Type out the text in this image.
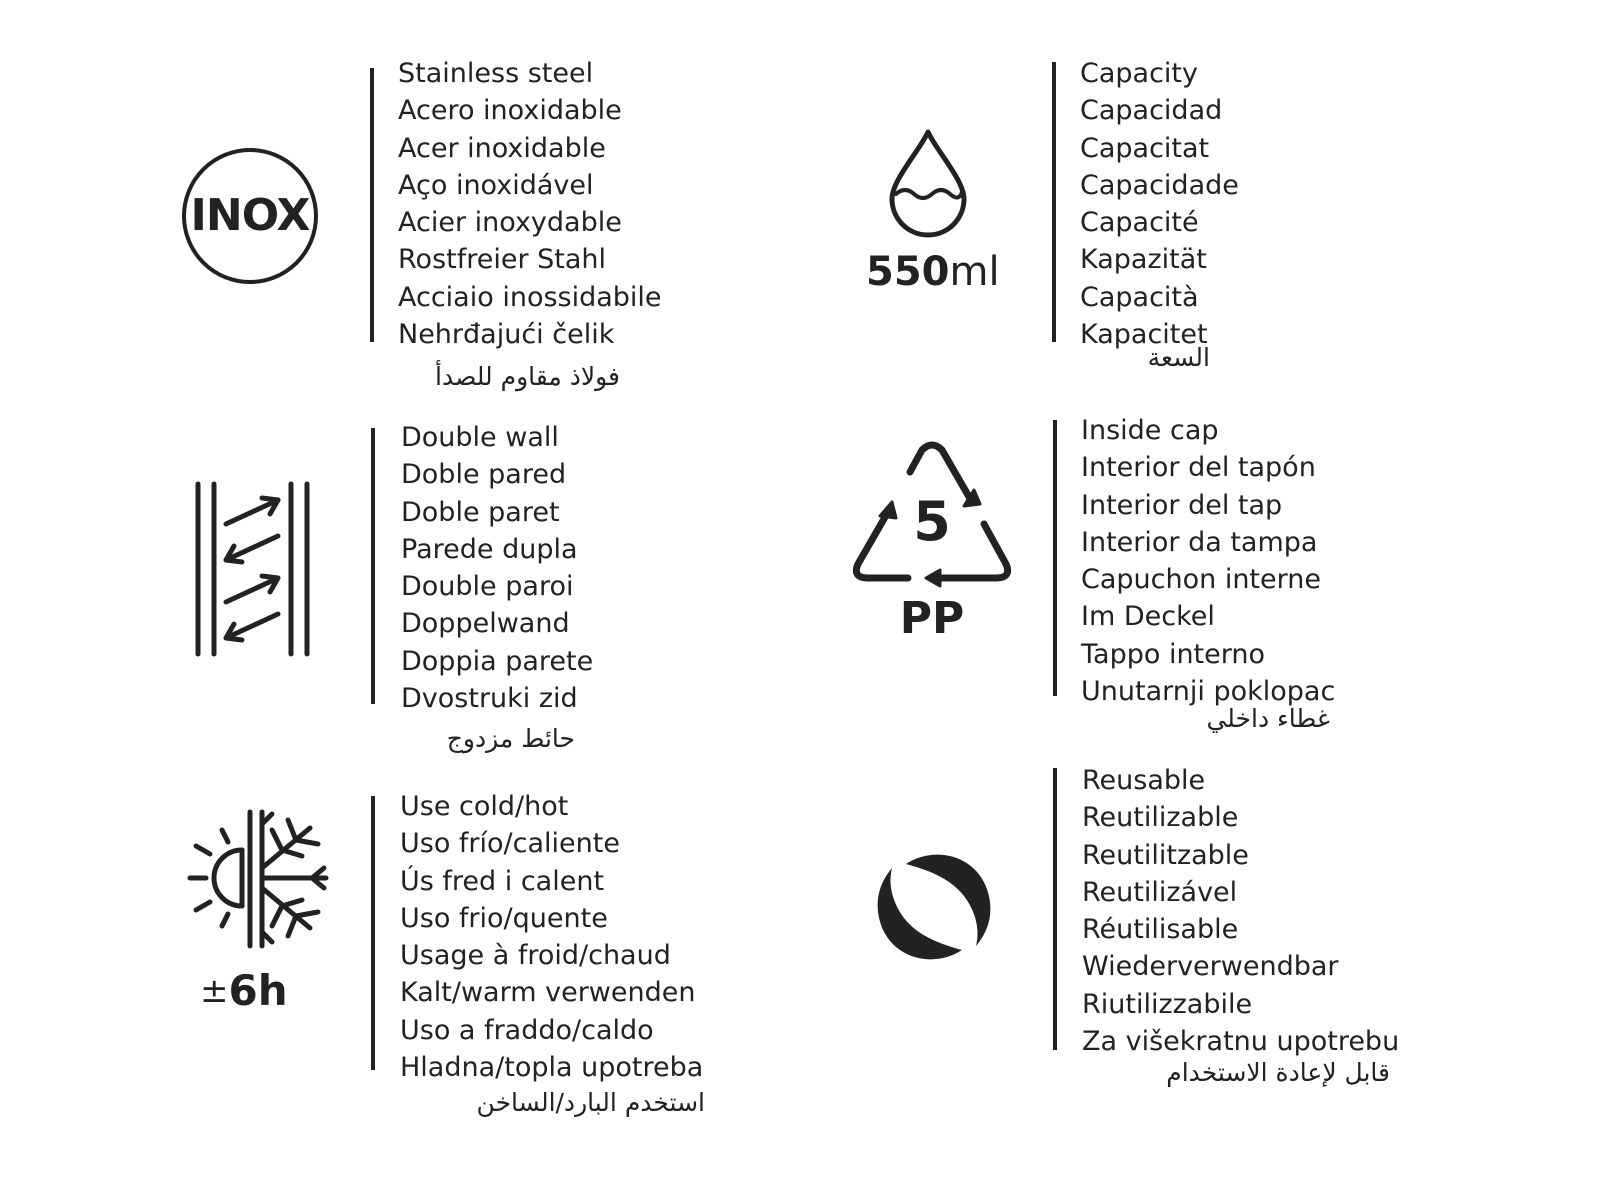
INOX
Stainless steel
Acero inoxidable
Acer inoxidable
Aço inoxidável
Acier inoxydable
Rostfreier Stahl
Acciaio inossidabile
Nehrđajući čelik
فولاذ مقاوم للصدأ
550ml
Capacity
Capacidad
Capacitat
Capacidade
Capacité
Kapazität
Capacità
Kapacitet
السعة
Double wall
Doble pared
Doble paret
Parede dupla
Double paroi
Doppelwand
Doppia parete
Dvostruki zid
حائط مزدوج
5
PP
Inside cap
Interior del tapón
Interior del tap
Interior da tampa
Capuchon interne
Im Deckel
Tappo interno
Unutarnji poklopac
غطاء داخلي
±6h
Use cold/hot
Uso frío/caliente
Ús fred i calent
Uso frio/quente
Usage à froid/chaud
Kalt/warm verwenden
Uso a fraddo/caldo
Hladna/topla upotreba
استخدم البارد/الساخن
Reusable
Reutilizable
Reutilitzable
Reutilizável
Réutilisable
Wiederverwendbar
Riutilizzabile
Za višekratnu upotrebu
قابل لإعادة الاستخدام
